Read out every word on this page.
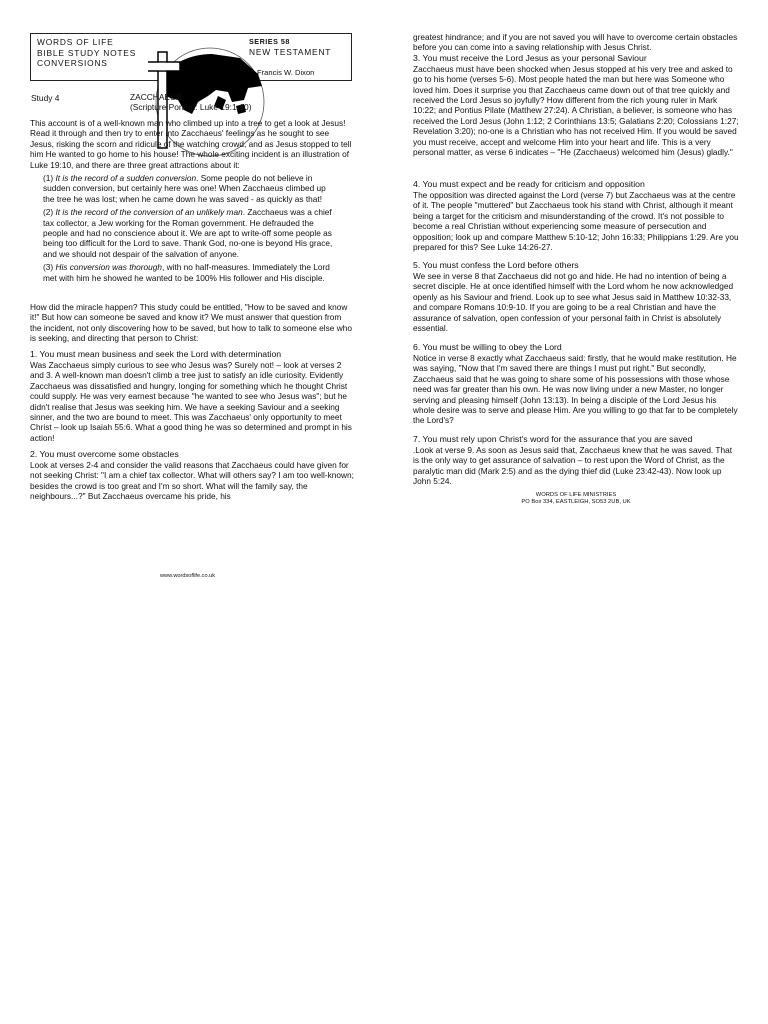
WORDS OF LIFE
BIBLE STUDY NOTES
CONVERSIONS
SERIES 58
NEW TESTAMENT
Francis W. Dixon
Study 4	ZACCHAEUS
(Scripture Portion: Luke 19:1-10)

This account is of a well-known man who climbed up into a tree to get a look at Jesus! Read it through and then try to enter into Zacchaeus' feelings as he sought to see Jesus, risking the scorn and ridicule of the watching crowd, and as Jesus stopped to tell him He wanted to go home to his house! The whole exciting incident is an illustration of Luke 19:10, and there are three great attractions about it:

(1) It is the record of a sudden conversion. Some people do not believe in sudden conversion, but certainly here was one! When Zacchaeus climbed up the tree he was lost; when he came down he was saved - as quickly as that!

(2) It is the record of the conversion of an unlikely man. Zacchaeus was a chief tax collector, a Jew working for the Roman government. He defrauded the people and had no conscience about it. We are apt to write-off some people as being too difficult for the Lord to save. Thank God, no-one is beyond His grace, and we should not despair of the salvation of anyone.

(3) His conversion was thorough, with no half-measures. Immediately the Lord met with him he showed he wanted to be 100% His follower and His disciple.

How did the miracle happen? This study could be entitled, "How to be saved and know it!" But how can someone be saved and know it? We must answer that question from the incident, not only discovering how to be saved, but how to talk to someone else who is seeking, and directing that person to Christ:

1. You must mean business and seek the Lord with determination

Was Zacchaeus simply curious to see who Jesus was? Surely not! – look at verses 2 and 3. A well-known man doesn't climb a tree just to satisfy an idle curiosity. Evidently Zacchaeus was dissatisfied and hungry, longing for something which he thought Christ could supply. He was very earnest because "he wanted to see who Jesus was"; but he didn't realise that Jesus was seeking him. We have a seeking Saviour and a seeking sinner, and the two are bound to meet. This was Zacchaeus' only opportunity to meet Christ – look up Isaiah 55:6. What a good thing he was so determined and prompt in his action!

2. You must overcome some obstacles

Look at verses 2-4 and consider the valid reasons that Zacchaeus could have given for not seeking Christ: "I am a chief tax collector. What will others say? I am too well-known; besides the crowd is too great and I'm so short. What will the family say, the neighbours...?" But Zacchaeus overcame his pride, his

www.wordsoflife.co.uk

greatest hindrance; and if you are not saved you will have to overcome certain obstacles before you can come into a saving relationship with Jesus Christ.

3. You must receive the Lord Jesus as your personal Saviour

Zacchaeus must have been shocked when Jesus stopped at his very tree and asked to go to his home (verses 5-6). Most people hated the man but here was Someone who loved him. Does it surprise you that Zacchaeus came down out of that tree quickly and received the Lord Jesus so joyfully? How different from the rich young ruler in Mark 10:22; and Pontius Pilate (Matthew 27:24). A Christian, a believer, is someone who has received the Lord Jesus (John 1:12; 2 Corinthians 13:5; Galatians 2:20; Colossians 1:27; Revelation 3:20); no-one is a Christian who has not received Him. If you would be saved you must receive, accept and welcome Him into your heart and life. This is a very personal matter, as verse 6 indicates – "He (Zacchaeus) welcomed him (Jesus) gladly."

4. You must expect and be ready for criticism and opposition

The opposition was directed against the Lord (verse 7) but Zacchaeus was at the centre of it. The people "muttered" but Zacchaeus took his stand with Christ, although it meant being a target for the criticism and misunderstanding of the crowd. It's not possible to become a real Christian without experiencing some measure of persecution and opposition; look up and compare Matthew 5:10-12; John 16:33; Philippians 1:29. Are you prepared for this? See Luke 14:26-27.

5. You must confess the Lord before others

We see in verse 8 that Zacchaeus did not go and hide. He had no intention of being a secret disciple. He at once identified himself with the Lord whom he now acknowledged openly as his Saviour and friend. Look up to see what Jesus said in Matthew 10:32-33, and compare Romans 10:9-10. If you are going to be a real Christian and have the assurance of salvation, open confession of your personal faith in Christ is absolutely essential.

6. You must be willing to obey the Lord

Notice in verse 8 exactly what Zacchaeus said: firstly, that he would make restitution. He was saying, "Now that I'm saved there are things I must put right." But secondly, Zacchaeus said that he was going to share some of his possessions with those whose need was far greater than his own. He was now living under a new Master, no longer serving and pleasing himself (John 13:13). In being a disciple of the Lord Jesus his whole desire was to serve and please Him. Are you willing to go that far to be completely the Lord's?

7. You must rely upon Christ's word for the assurance that you are saved

.Look at verse 9. As soon as Jesus said that, Zacchaeus knew that he was saved. That is the only way to get assurance of salvation – to rest upon the Word of Christ, as the paralytic man did (Mark 2:5) and as the dying thief did (Luke 23:42-43). Now look up John 5:24.

WORDS OF LIFE MINISTRIES
PO Box 334, EASTLEIGH, SO53 2UB, UK
